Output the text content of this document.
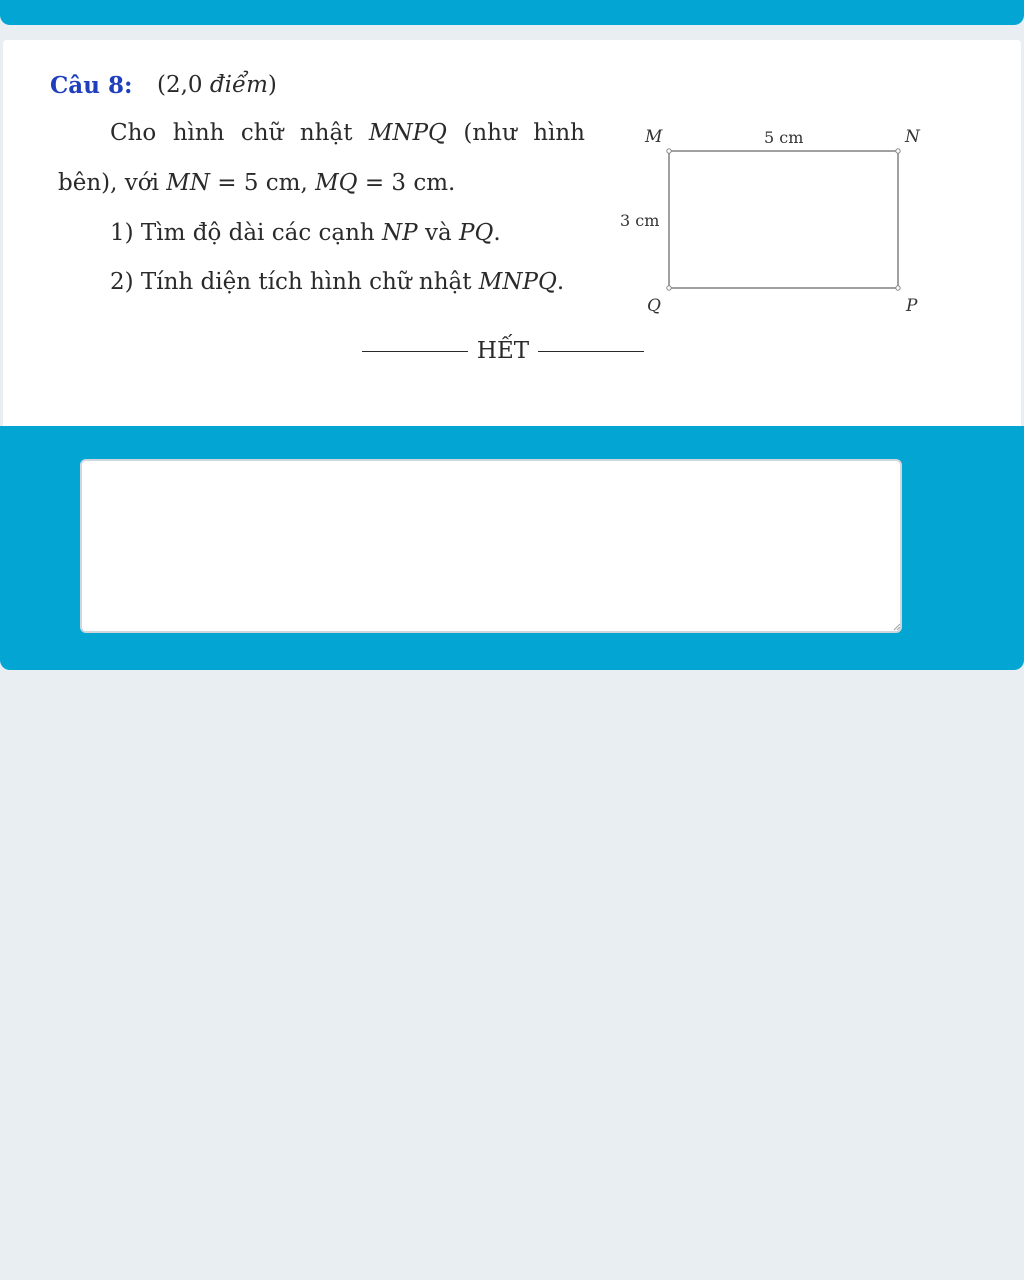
Câu 8: (2,0 điểm)
Cho hình chữ nhật MNPQ (như hình
bên), với MN = 5 cm, MQ = 3 cm.
1) Tìm độ dài các cạnh NP và PQ.
2) Tính diện tích hình chữ nhật MNPQ.
M	N
P
Q
5 cm
3 cm
HẾT
